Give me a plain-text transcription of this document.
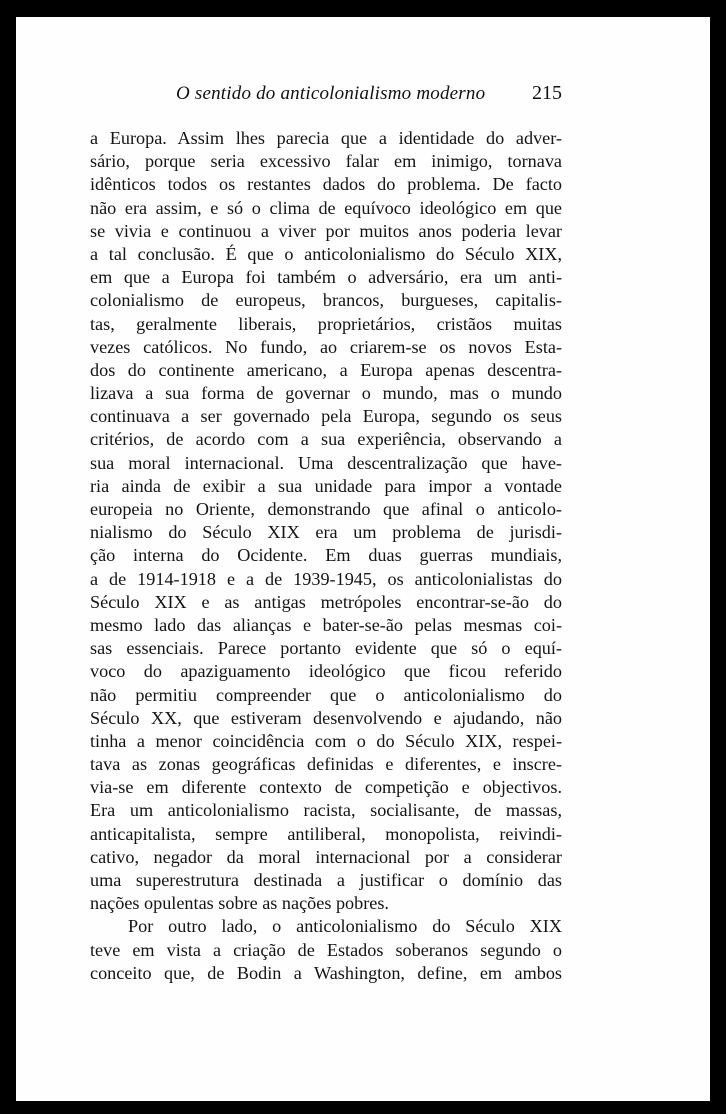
O sentido do anticolonialismo moderno 215
a Europa. Assim lhes parecia que a identidade do adver-
sário, porque seria excessivo falar em inimigo, tornava
idênticos todos os restantes dados do problema. De facto
não era assim, e só o clima de equívoco ideológico em que
se vivia e continuou a viver por muitos anos poderia levar
a tal conclusão. É que o anticolonialismo do Século XIX,
em que a Europa foi também o adversário, era um anti-
colonialismo de europeus, brancos, burgueses, capitalis-
tas, geralmente liberais, proprietários, cristãos muitas
vezes católicos. No fundo, ao criarem-se os novos Esta-
dos do continente americano, a Europa apenas descentra-
lizava a sua forma de governar o mundo, mas o mundo
continuava a ser governado pela Europa, segundo os seus
critérios, de acordo com a sua experiência, observando a
sua moral internacional. Uma descentralização que have-
ria ainda de exibir a sua unidade para impor a vontade
europeia no Oriente, demonstrando que afinal o anticolo-
nialismo do Século XIX era um problema de jurisdi-
ção interna do Ocidente. Em duas guerras mundiais,
a de 1914-1918 e a de 1939-1945, os anticolonialistas do
Século XIX e as antigas metrópoles encontrar-se-ão do
mesmo lado das alianças e bater-se-ão pelas mesmas coi-
sas essenciais. Parece portanto evidente que só o equí-
voco do apaziguamento ideológico que ficou referido
não permitiu compreender que o anticolonialismo do
Século XX, que estiveram desenvolvendo e ajudando, não
tinha a menor coincidência com o do Século XIX, respei-
tava as zonas geográficas definidas e diferentes, e inscre-
via-se em diferente contexto de competição e objectivos.
Era um anticolonialismo racista, socialisante, de massas,
anticapitalista, sempre antiliberal, monopolista, reivindi-
cativo, negador da moral internacional por a considerar
uma superestrutura destinada a justificar o domínio das
nações opulentas sobre as nações pobres.
Por outro lado, o anticolonialismo do Século XIX
teve em vista a criação de Estados soberanos segundo o
conceito que, de Bodin a Washington, define, em ambos
